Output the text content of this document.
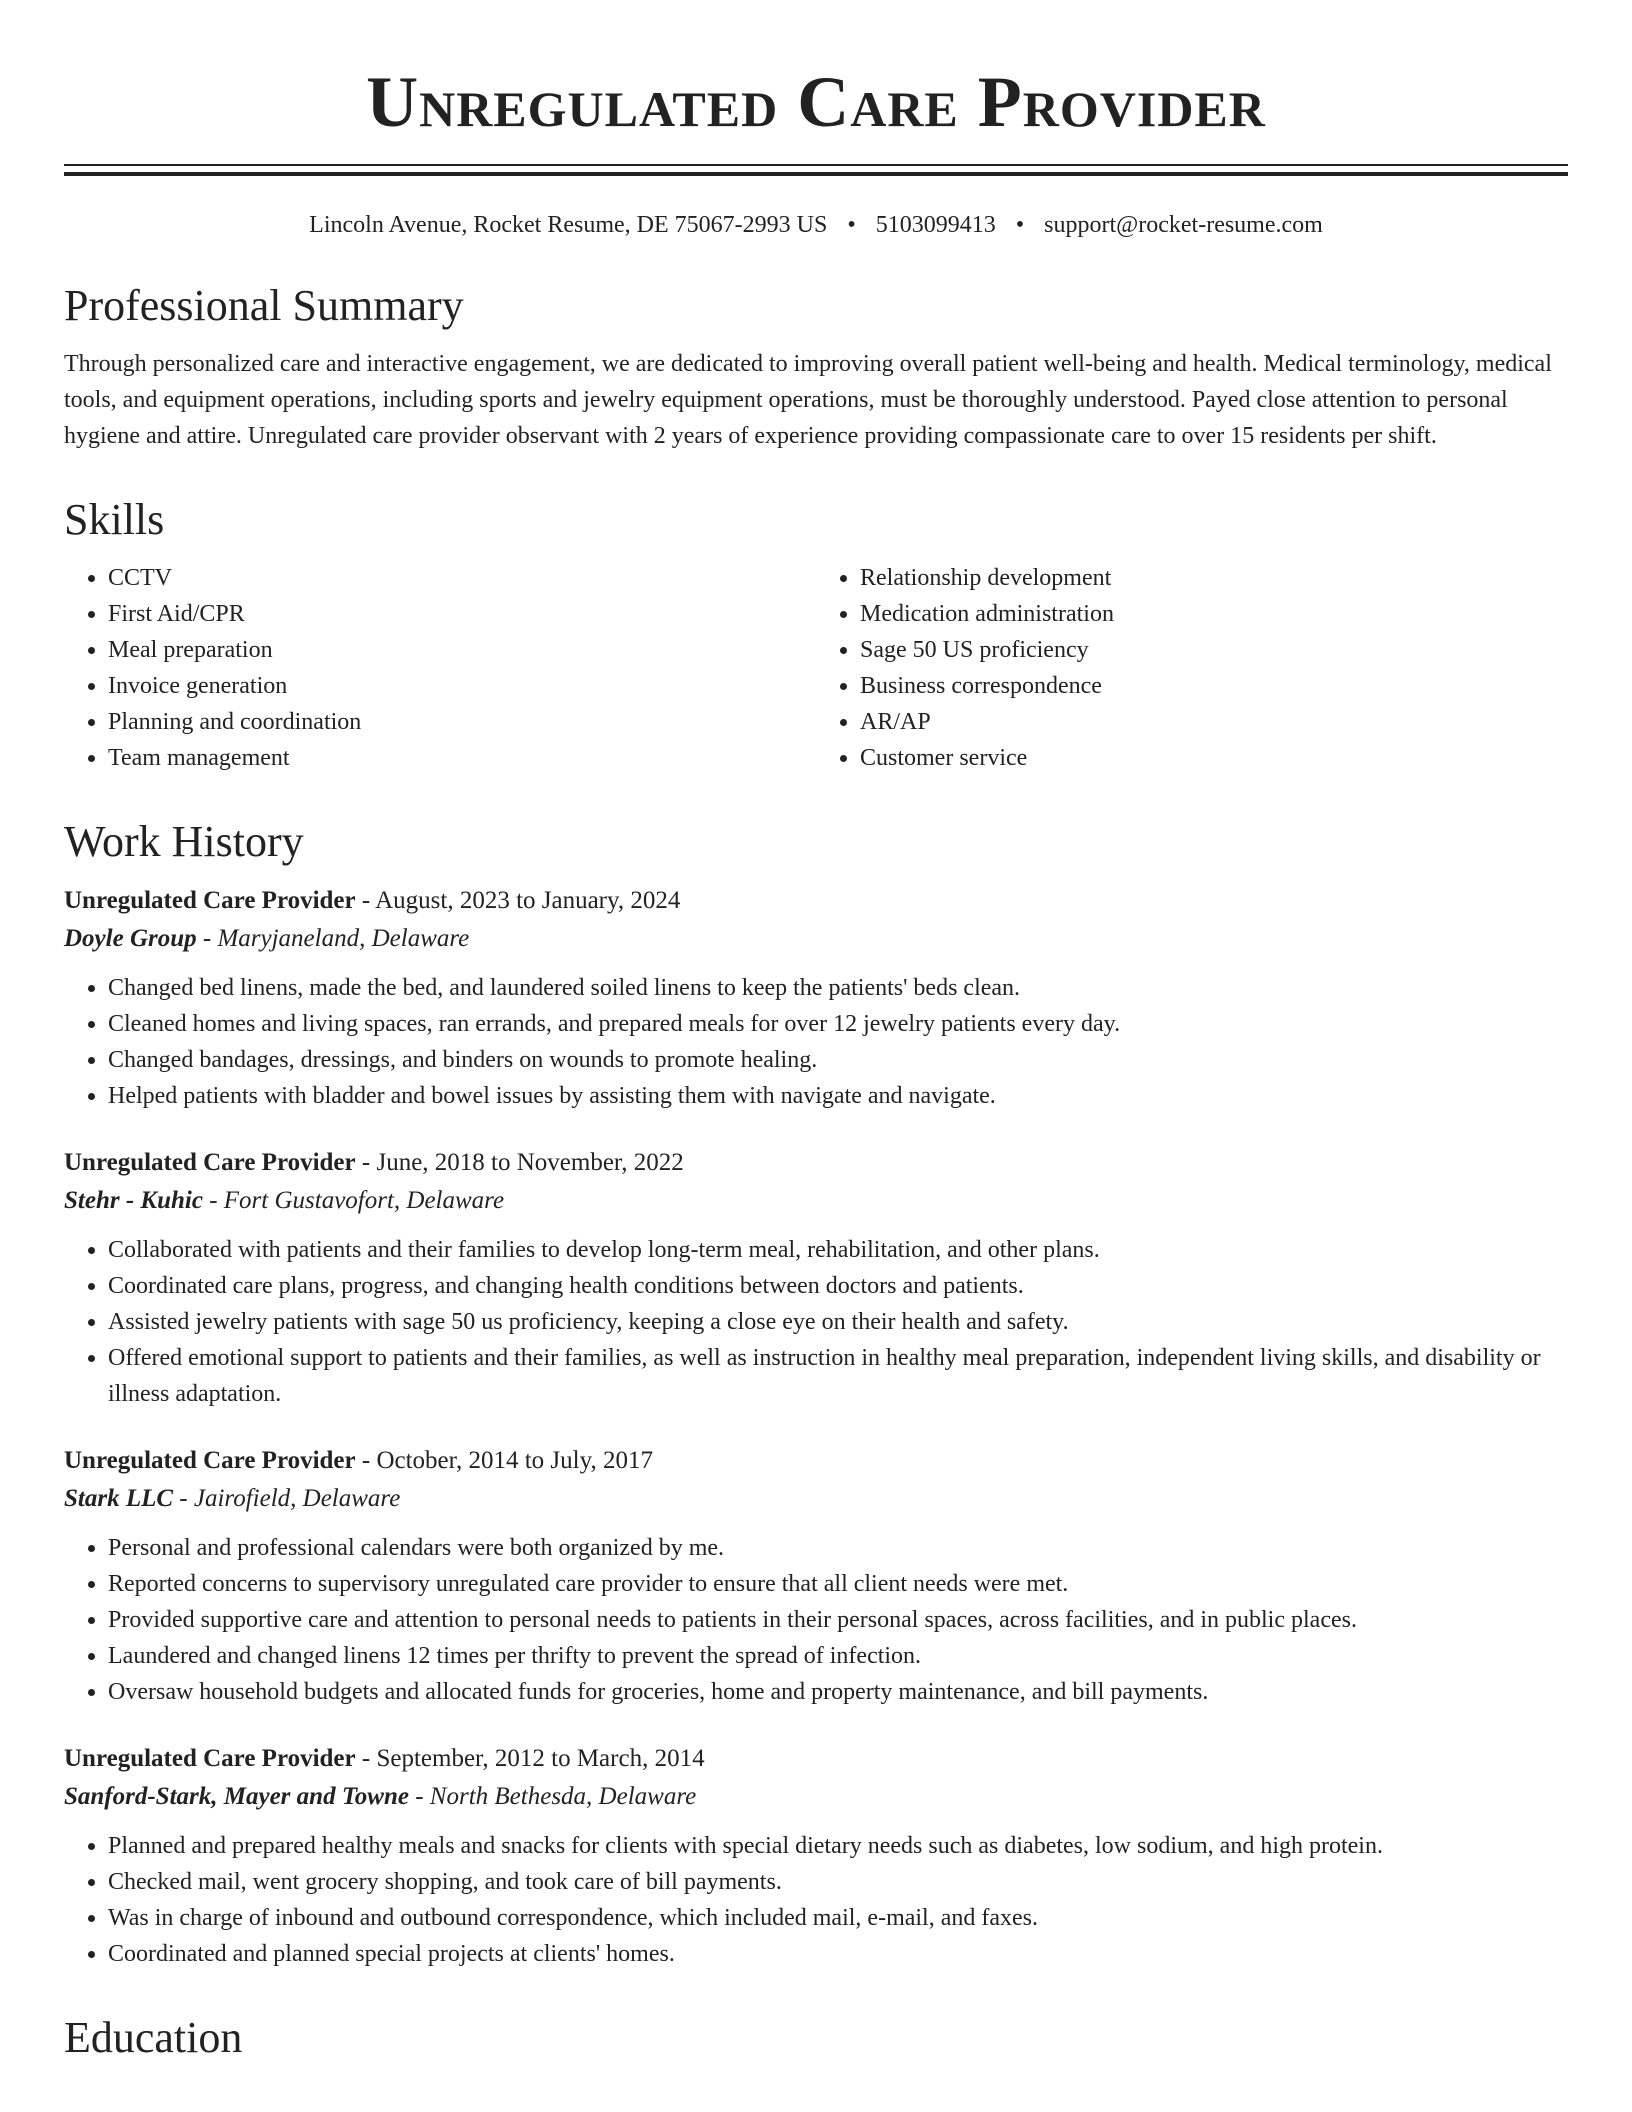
Unregulated Care Provider
Lincoln Avenue, Rocket Resume, DE 75067-2993 US • 5103099413 • support@rocket-resume.com
Professional Summary

Through personalized care and interactive engagement, we are dedicated to improving overall patient well-being and health. Medical terminology, medical tools, and equipment operations, including sports and jewelry equipment operations, must be thoroughly understood. Payed close attention to personal hygiene and attire. Unregulated care provider observant with 2 years of experience providing compassionate care to over 15 residents per shift.

Skills
• CCTV
• First Aid/CPR
• Meal preparation
• Invoice generation
• Planning and coordination
• Team management
• Relationship development
• Medication administration
• Sage 50 US proficiency
• Business correspondence
• AR/AP
• Customer service
Work History
Unregulated Care Provider - August, 2023 to January, 2024
Doyle Group - Maryjaneland, Delaware
• Changed bed linens, made the bed, and laundered soiled linens to keep the patients' beds clean.
• Cleaned homes and living spaces, ran errands, and prepared meals for over 12 jewelry patients every day.
• Changed bandages, dressings, and binders on wounds to promote healing.
• Helped patients with bladder and bowel issues by assisting them with navigate and navigate.
Unregulated Care Provider - June, 2018 to November, 2022
Stehr - Kuhic - Fort Gustavofort, Delaware
• Collaborated with patients and their families to develop long-term meal, rehabilitation, and other plans.
• Coordinated care plans, progress, and changing health conditions between doctors and patients.
• Assisted jewelry patients with sage 50 us proficiency, keeping a close eye on their health and safety.
• Offered emotional support to patients and their families, as well as instruction in healthy meal preparation, independent living skills, and disability or illness adaptation.
Unregulated Care Provider - October, 2014 to July, 2017
Stark LLC - Jairofield, Delaware
• Personal and professional calendars were both organized by me.
• Reported concerns to supervisory unregulated care provider to ensure that all client needs were met.
• Provided supportive care and attention to personal needs to patients in their personal spaces, across facilities, and in public places.
• Laundered and changed linens 12 times per thrifty to prevent the spread of infection.
• Oversaw household budgets and allocated funds for groceries, home and property maintenance, and bill payments.
Unregulated Care Provider - September, 2012 to March, 2014
Sanford-Stark, Mayer and Towne - North Bethesda, Delaware
• Planned and prepared healthy meals and snacks for clients with special dietary needs such as diabetes, low sodium, and high protein.
• Checked mail, went grocery shopping, and took care of bill payments.
• Was in charge of inbound and outbound correspondence, which included mail, e-mail, and faxes.
• Coordinated and planned special projects at clients' homes.
Education
